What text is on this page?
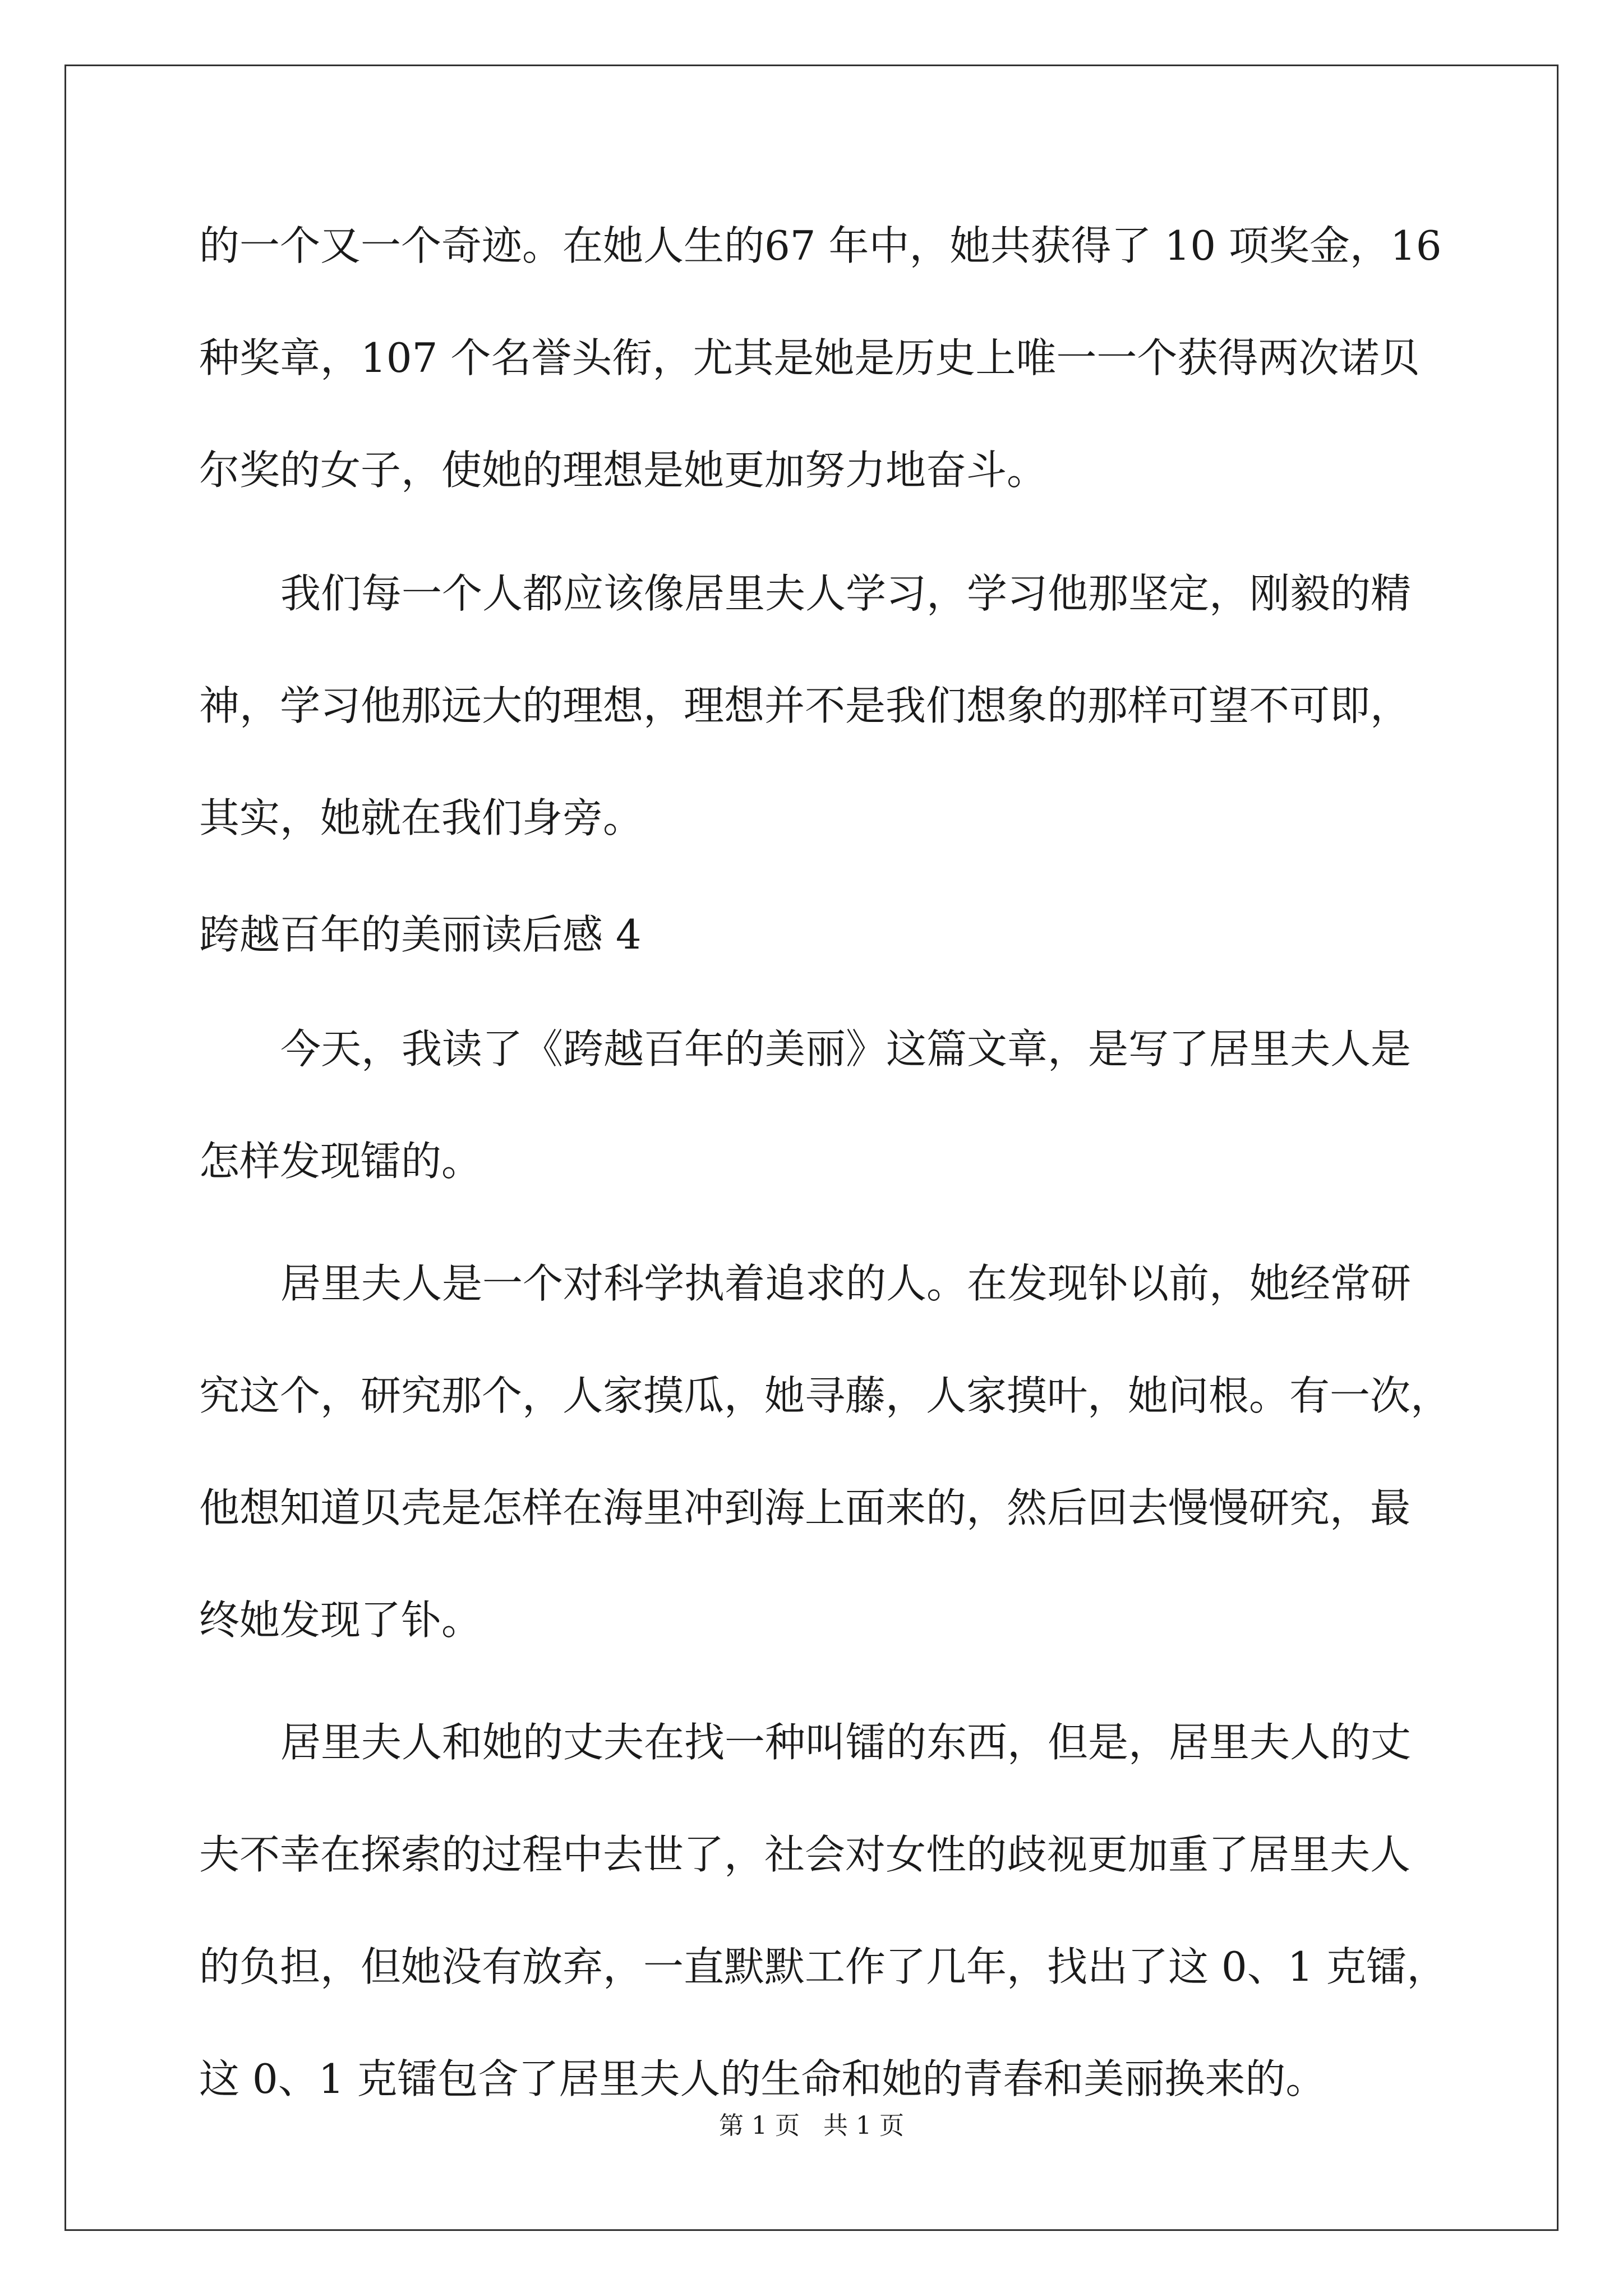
的一个又一个奇迹。在她人生的67 年中，她共获得了 10 项奖金，16
种奖章，107 个名誉头衔，尤其是她是历史上唯一一个获得两次诺贝
尔奖的女子，使她的理想是她更加努力地奋斗。
我们每一个人都应该像居里夫人学习，学习他那坚定，刚毅的精
神，学习他那远大的理想，理想并不是我们想象的那样可望不可即，
其实，她就在我们身旁。
跨越百年的美丽读后感 4
今天，我读了《跨越百年的美丽》这篇文章，是写了居里夫人是
怎样发现镭的。
居里夫人是一个对科学执着追求的人。在发现钋以前，她经常研
究这个，研究那个，人家摸瓜，她寻藤，人家摸叶，她问根。有一次，
他想知道贝壳是怎样在海里冲到海上面来的，然后回去慢慢研究，最
终她发现了钋。
居里夫人和她的丈夫在找一种叫镭的东西，但是，居里夫人的丈
夫不幸在探索的过程中去世了，社会对女性的歧视更加重了居里夫人
的负担，但她没有放弃，一直默默工作了几年，找出了这 0、1 克镭，
这 0、1 克镭包含了居里夫人的生命和她的青春和美丽换来的。
第 1 页   共 1 页
